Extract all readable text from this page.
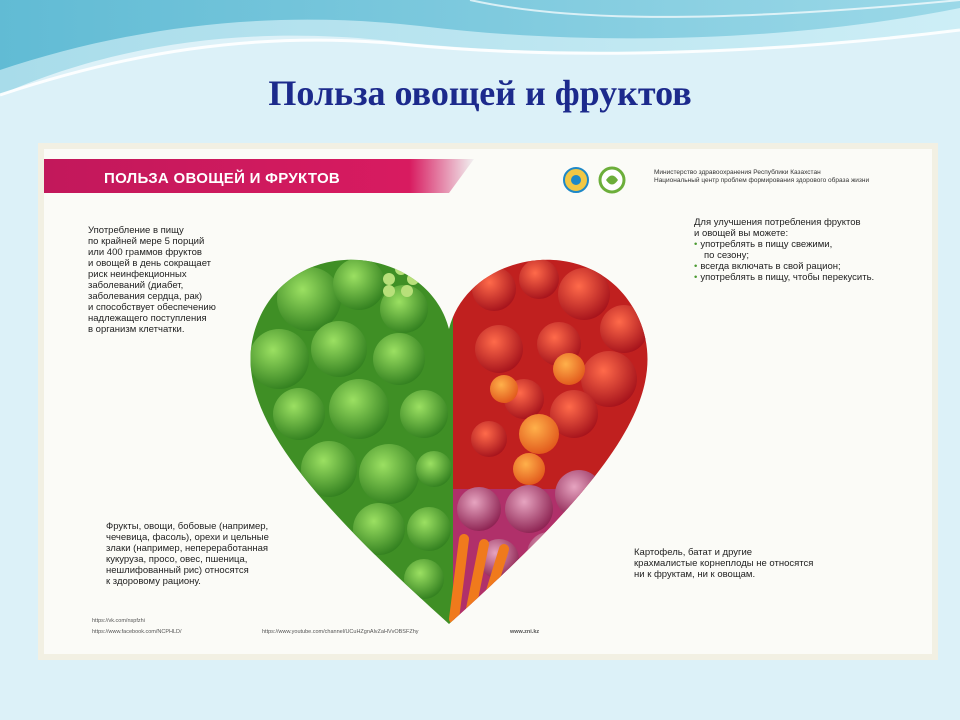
Польза овощей и фруктов
ПОЛЬЗА ОВОЩЕЙ И ФРУКТОВ	Министерство здравоохранения Республики Казахстан
Национальный центр проблем формирования здорового образа жизни
Употребление в пищу
по крайней мере 5 порций
или 400 граммов фруктов
и овощей в день сокращает
риск неинфекционных
заболеваний (диабет,
заболевания сердца, рак)
и способствует обеспечению
надлежащего поступления
в организм клетчатки.
Для улучшения потребления фруктов
и овощей вы можете:
• употреблять в пищу свежими,
по сезону;
• всегда включать в свой рацион;
• употреблять в пищу, чтобы перекусить.
Фрукты, овощи, бобовые (например,
чечевица, фасоль), орехи и цельные
злаки (например, непереработанная
кукуруза, просо, овес, пшеница,
нешлифованный рис) относятся
к здоровому рациону.
Картофель, батат и другие
крахмалистые корнеплоды не относятся
ни к фруктам, ни к овощам.
https://vk.com/nspfzhi
https://www.facebook.com/NCPHLD/	https://www.youtube.com/channel/UCuHZgnAlvZaHVvOBSFZhy	www.zni.kz
